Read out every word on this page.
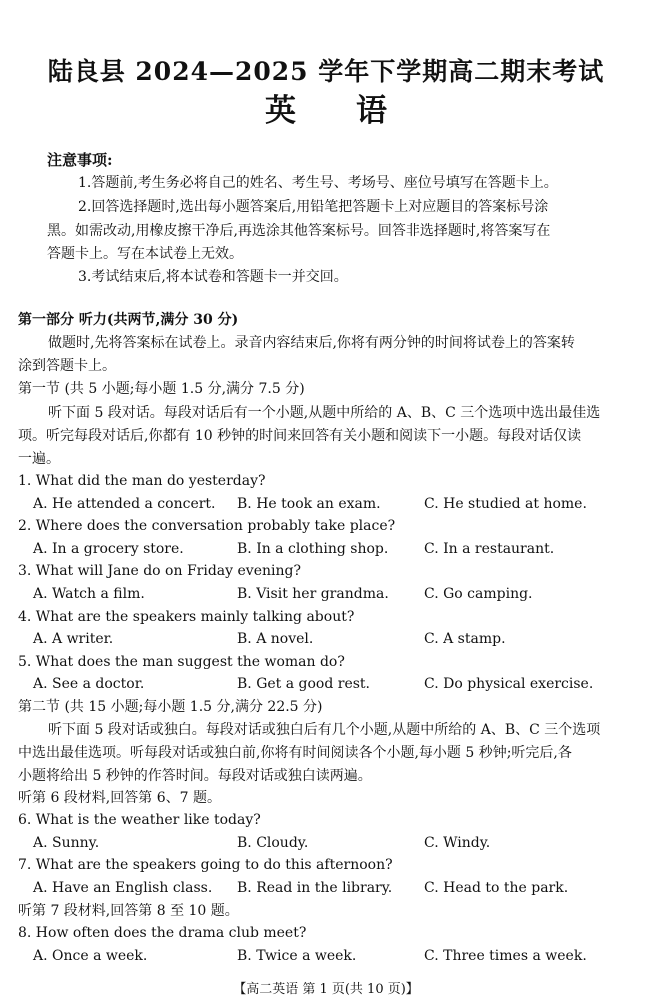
陆良县 2024—2025 学年下学期高二期末考试
英语
注意事项:
1.答题前,考生务必将自己的姓名、考生号、考场号、座位号填写在答题卡上。
2.回答选择题时,选出每小题答案后,用铅笔把答题卡上对应题目的答案标号涂
黑。如需改动,用橡皮擦干净后,再选涂其他答案标号。回答非选择题时,将答案写在
答题卡上。写在本试卷上无效。
3.考试结束后,将本试卷和答题卡一并交回。
第一部分 听力(共两节,满分 30 分)
做题时,先将答案标在试卷上。录音内容结束后,你将有两分钟的时间将试卷上的答案转
涂到答题卡上。
第一节 (共 5 小题;每小题 1.5 分,满分 7.5 分)
听下面 5 段对话。每段对话后有一个小题,从题中所给的 A、B、C 三个选项中选出最佳选
项。听完每段对话后,你都有 10 秒钟的时间来回答有关小题和阅读下一小题。每段对话仅读
一遍。
1. What did the man do yesterday?
A. He attended a concert. B. He took an exam.	C. He studied at home.
2. Where does the conversation probably take place?
A. In a grocery store.	B. In a clothing shop.	C. In a restaurant.
3. What will Jane do on Friday evening?
A. Watch a film.	B. Visit her grandma.	C. Go camping.
4. What are the speakers mainly talking about?
A. A writer.	B. A novel.	C. A stamp.
5. What does the man suggest the woman do?
A. See a doctor.	B. Get a good rest.	C. Do physical exercise.
第二节 (共 15 小题;每小题 1.5 分,满分 22.5 分)
听下面 5 段对话或独白。每段对话或独白后有几个小题,从题中所给的 A、B、C 三个选项
中选出最佳选项。听每段对话或独白前,你将有时间阅读各个小题,每小题 5 秒钟;听完后,各
小题将给出 5 秒钟的作答时间。每段对话或独白读两遍。
听第 6 段材料,回答第 6、7 题。
6. What is the weather like today?
A. Sunny.	B. Cloudy.	C. Windy.
7. What are the speakers going to do this afternoon?
A. Have an English class. B. Read in the library. C. Head to the park.
听第 7 段材料,回答第 8 至 10 题。
8. How often does the drama club meet?
A. Once a week.	B. Twice a week.	C. Three times a week.
【高二英语 第 1 页(共 10 页)】
